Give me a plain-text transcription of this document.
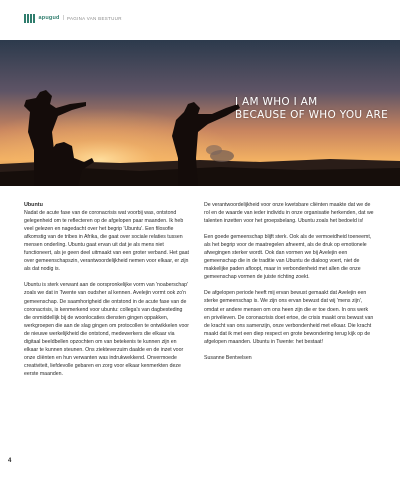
apugud | PAGINA VAN BESTUUR
I AM WHO I AM
BECAUSE OF WHO YOU ARE
Ubuntu

Nadat de acute fase van de coronacrisis wat voorbij was, ontstond gelegenheid om te reflecteren op de afgelopen paar maanden. Ik heb veel gelezen en nagedacht over het begrip 'Ubuntu'. Een filosofie afkomstig van de tribes in Afrika, die gaat over sociale relaties tussen mensen onderling. Ubuntu gaat ervan uit dat je als mens niet functioneert, als je geen deel uitmaakt van een groter verband. Het gaat over gemeenschapszin, verantwoordelijkheid nemen voor elkaar, er zijn als dat nodig is.

Ubuntu is sterk verwant aan de oorspronkelijke vorm van 'noaberschap' zoals we dat in Twente van oudsher al kennen. Avelejin vormt ook zo'n gemeenschap. De saamhorigheid die ontstond in de acute fase van de coronacrisis, is kenmerkend voor ubuntu: collega's van dagbesteding die onmiddellijk bij de woonlocaties diensten gingen oppakken, werkgroepen die aan de slag gingen om protocollen te ontwikkelen voor de nieuwe werkelijkheid die ontstond, medewerkers die elkaar via digitaal beeldbellen opzochten om van betekenis te kunnen zijn en elkaar te kunnen steunen. Ons ziekteverzuim daalde en de inzet voor onze cliënten en hun verwanten was indrukwekkend. Onvermoede creativiteit, liefdevolle gebaren en zorg voor elkaar kenmerkten deze eerste maanden.

De verantwoordelijkheid voor onze kwetsbare cliënten maakte dat we de rol en de waarde van ieder individu in onze organisatie herkenden, dat we talenten inzetten voor het groepsbelang. Ubuntu zoals het bedoeld is!

Een goede gemeenschap blijft sterk. Ook als de vermoeidheid toeneemt, als het begrip voor de maatregelen afneemt, als de druk op emotionele afwegingen sterker wordt. Ook dan vormen we bij Avelejin een gemeenschap die in de traditie van Ubuntu de dialoog voert, niet de makkelijke paden afloopt, maar in verbondenheid met allen die onze gemeenschap vormen de juiste richting zoekt.

De afgelopen periode heeft mij ervan bewust gemaakt dat Avelejin een sterke gemeenschap is. We zijn ons ervan bewust dat wij 'mens zijn', omdat er andere mensen om ons heen zijn die er toe doen. In ons werk en privéleven. De coronacrisis doet ertoe, de crisis maakt ons bewust van de kracht van ons samenzijn, onze verbondenheid met elkaar. Die kracht maakt dat ik met een diep respect en grote bewondering terug kijk op de afgelopen maanden. Ubuntu in Twente: het bestaat!

Susanne Bentvelsen

4
